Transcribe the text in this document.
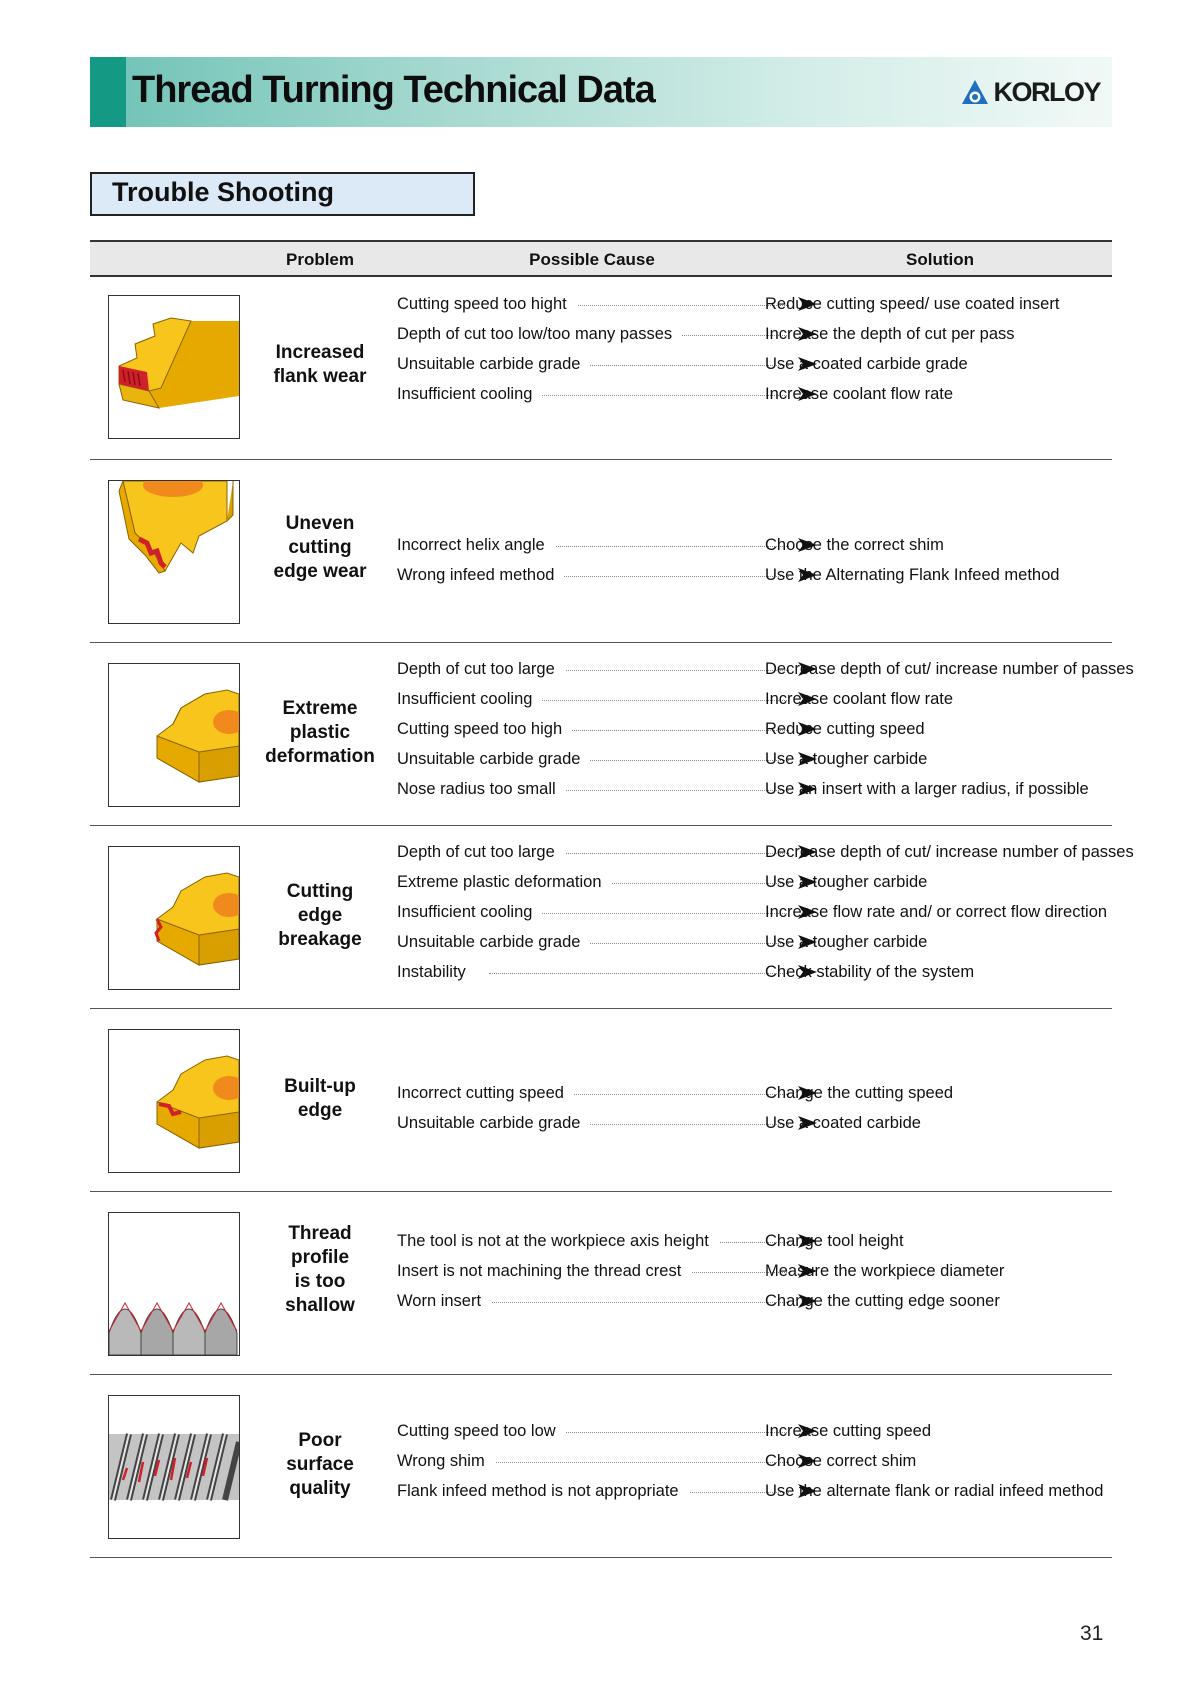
Thread Turning Technical Data	KORLOY
Trouble Shooting
Problem	Possible Cause	Solution
Increased
flank wear
Cutting speed too hight	Reduce cutting speed/ use coated insert
Depth of cut too low/too many passes	Increase the depth of cut per pass
Unsuitable carbide grade	Use a coated carbide grade
Insufficient cooling	Increase coolant flow rate
Uneven
cutting
edge wear
Incorrect helix angle	Choose the correct shim
Wrong infeed method	Use the Alternating Flank Infeed method
Extreme
plastic
deformation
Depth of cut too large	Decrease depth of cut/ increase number of passes
Insufficient cooling	Increase coolant flow rate
Cutting speed too high	Reduce cutting speed
Unsuitable carbide grade	Use a tougher carbide
Nose radius too small	Use an insert with a larger radius, if possible
Cutting
edge
breakage
Depth of cut too large	Decrease depth of cut/ increase number of passes
Extreme plastic deformation	Use a tougher carbide
Insufficient cooling	Increase flow rate and/ or correct flow direction
Unsuitable carbide grade	Use a tougher carbide
Instability	Check stability of the system
Built-up
edge
Incorrect cutting speed	Change the cutting speed
Unsuitable carbide grade	Use a coated carbide
Thread
profile
is too
shallow
The tool is not at the workpiece axis height	Change tool height
Insert is not machining the thread crest	Measure the workpiece diameter
Worn insert	Change the cutting edge sooner
Poor
surface
quality
Cutting speed too low	Increase cutting speed
Wrong shim	Choose correct shim
Flank infeed method is not appropriate	Use the alternate flank or radial infeed method
31
